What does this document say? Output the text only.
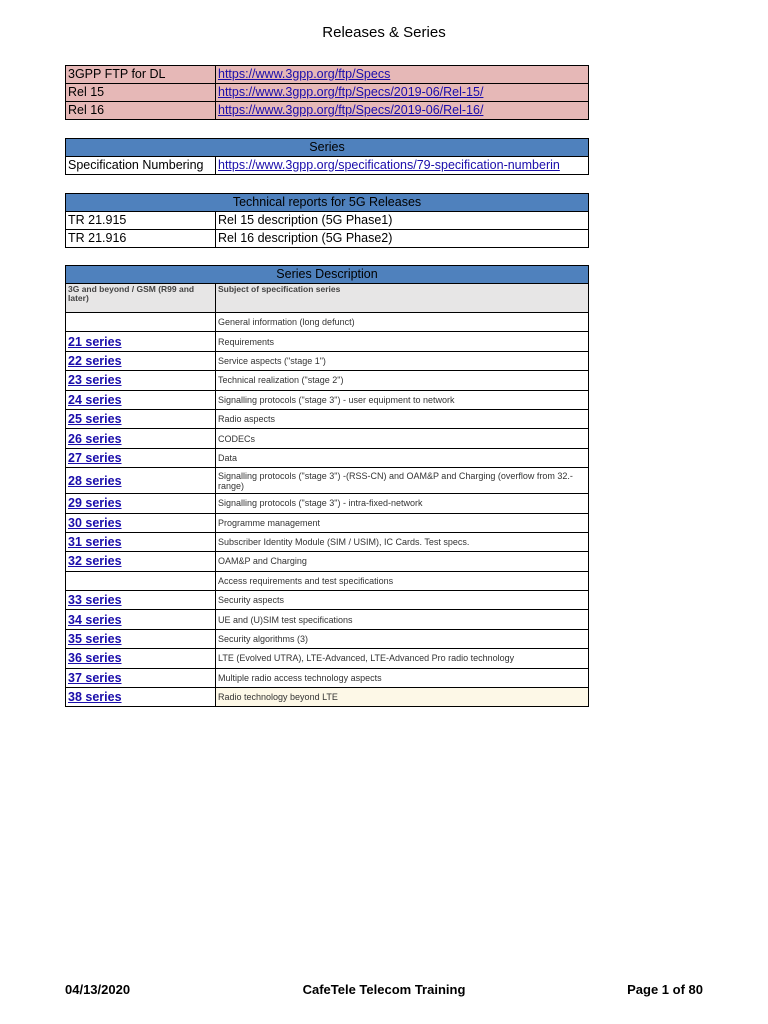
Releases & Series
3GPP FTP for DL	https://www.3gpp.org/ftp/Specs
Rel 15	https://www.3gpp.org/ftp/Specs/2019-06/Rel-15/
Rel 16	https://www.3gpp.org/ftp/Specs/2019-06/Rel-16/
Series
Specification Numbering	https://www.3gpp.org/specifications/79-specification-numberin
Technical reports for 5G Releases	
TR 21.915	Rel 15 description (5G Phase1)
TR 21.916	Rel 16 description (5G Phase2)
Series Description	
3G and beyond / GSM (R99 and later)	Subject of specification series
	General information (long defunct)
21 series	Requirements
22 series	Service aspects ("stage 1")
23 series	Technical realization ("stage 2")
24 series	Signalling protocols ("stage 3") - user equipment to network
25 series	Radio aspects
26 series	CODECs
27 series	Data
28 series	Signalling protocols ("stage 3") -(RSS-CN) and OAM&P and Charging (overflow from 32.- range)
29 series	Signalling protocols ("stage 3") - intra-fixed-network
30 series	Programme management
31 series	Subscriber Identity Module (SIM / USIM), IC Cards. Test specs.
32 series	OAM&P and Charging
	Access requirements and test specifications
33 series	Security aspects
34 series	UE and (U)SIM test specifications
35 series	Security algorithms (3)
36 series	LTE (Evolved UTRA), LTE-Advanced, LTE-Advanced Pro radio technology
37 series	Multiple radio access technology aspects
38 series	Radio technology beyond LTE
04/13/2020	CafeTele Telecom Training	Page 1 of 80
